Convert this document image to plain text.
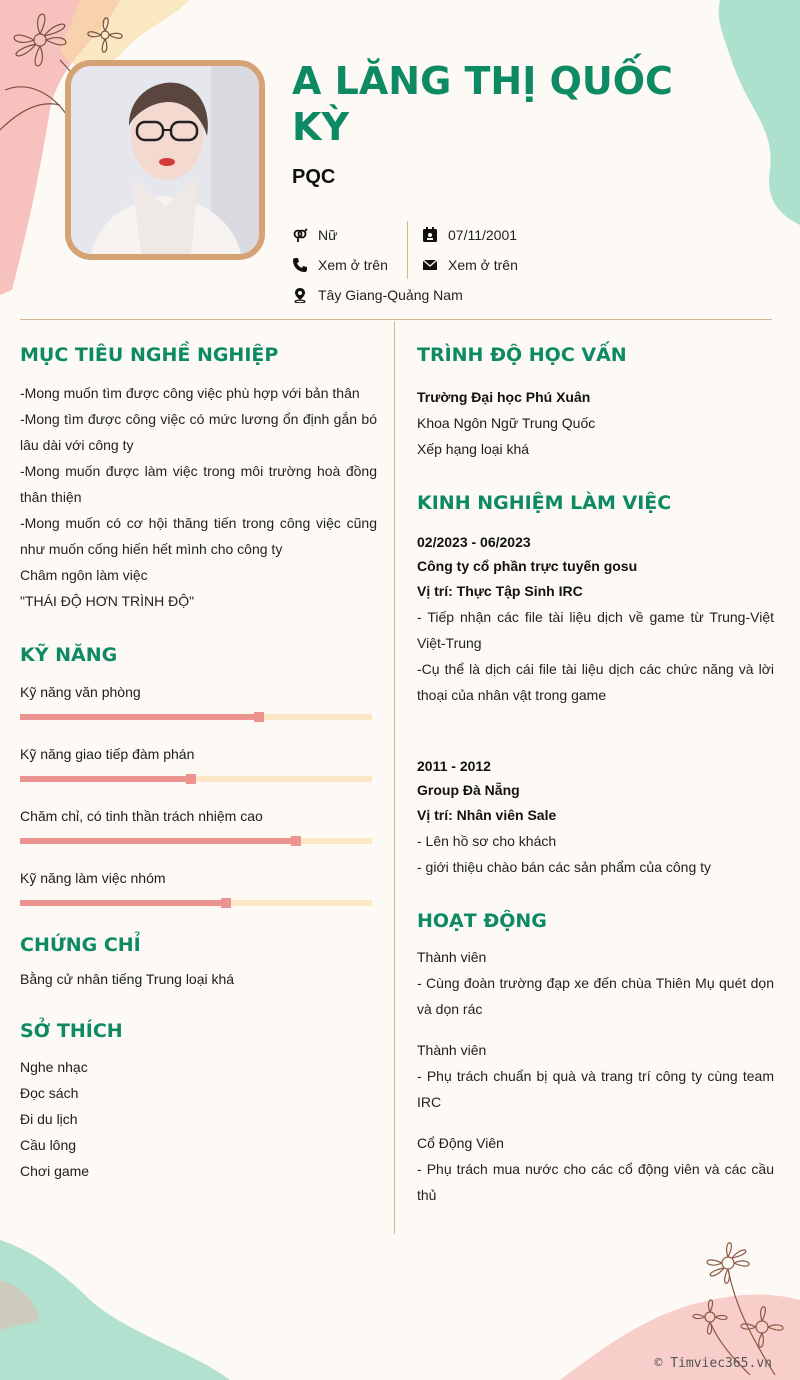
A LĂNG THỊ QUỐC KỲ
PQC
Nữ
Xem ở trên
Tây Giang-Quảng Nam
07/11/2001
Xem ở trên
MỤC TIÊU NGHỀ NGHIỆP
-Mong muốn tìm được công việc phù hợp với bản thân
-Mong tìm được công việc có mức lương ổn định gắn bó lâu dài với công ty
-Mong muốn được làm việc trong môi trường hoà đồng thân thiện
-Mong muốn có cơ hội thăng tiến trong công việc cũng như muốn cống hiến hết mình cho công ty
Châm ngôn làm việc
"THÁI ĐỘ HƠN TRÌNH ĐỘ"
KỸ NĂNG
Kỹ năng văn phòng
Kỹ năng giao tiếp đàm phán
Chăm chỉ, có tinh thần trách nhiệm cao
Kỹ năng làm việc nhóm
CHỨNG CHỈ
Bằng cử nhân tiếng Trung loại khá
SỞ THÍCH
Nghe nhạc
Đọc sách
Đi du lịch
Cầu lông
Chơi game
TRÌNH ĐỘ HỌC VẤN
Trường Đại học Phú Xuân
Khoa Ngôn Ngữ Trung Quốc
Xếp hạng loại khá
KINH NGHIỆM LÀM VIỆC
02/2023 - 06/2023
Công ty cổ phần trực tuyến gosu
Vị trí: Thực Tập Sinh IRC
- Tiếp nhận các file tài liệu dịch về game từ Trung-Việt Việt-Trung
-Cụ thể là dịch cái file tài liệu dịch các chức năng và lời thoại của nhân vật trong game
2011 - 2012
Group Đà Nẵng
Vị trí: Nhân viên Sale
- Lên hồ sơ cho khách
- giới thiệu chào bán các sản phẩm của công ty
HOẠT ĐỘNG
Thành viên
- Cùng đoàn trường đạp xe đến chùa Thiên Mụ quét dọn và dọn rác
Thành viên
- Phụ trách chuẩn bị quà và trang trí công ty cùng team IRC
Cổ Động Viên
- Phụ trách mua nước cho các cổ động viên và các cầu thủ
© Timviec365.vn
